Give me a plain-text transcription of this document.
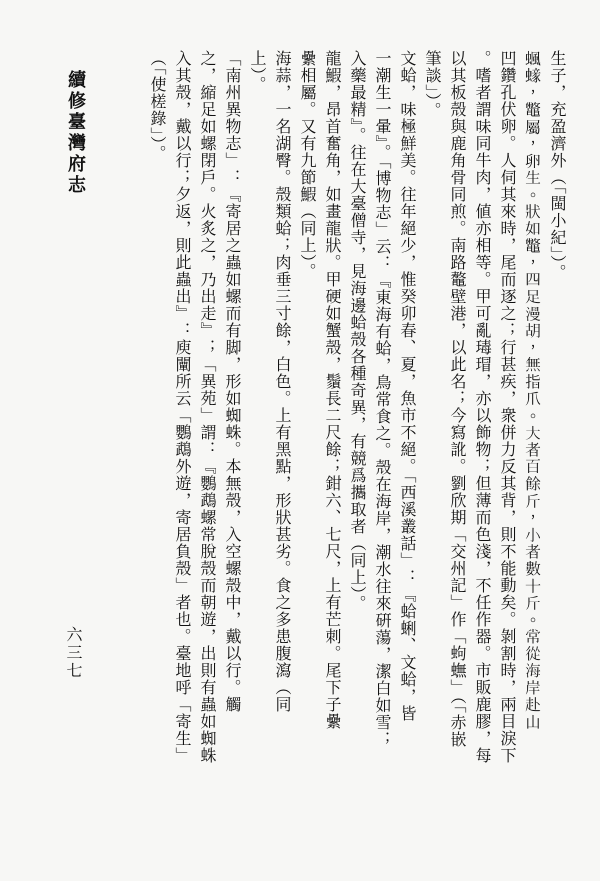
生子，充盈濟外（「閩小紀」）。
𧍯𧏹，鼈屬，卵生。狀如鼈，四足漫胡，無指爪。大者百餘斤，小者數十斤。常從海岸赴山
凹鑽孔伏卵。人伺其來時，尾而逐之；行甚疾，衆併力反其背，則不能動矣。剝割時，兩目淚下
。嗜者謂味同牛肉，値亦相等。甲可亂瑇瑁，亦以飾物；但薄而色淺，不任作器。市販鹿膠，每
以其板殼與鹿角骨同煎。南路鼇壁港，以此名；今寫訛。劉欣期「交州記」作「蚼蟱」（「赤嵌
筆談」）。
文蛤，味極鮮美。往年絕少，惟癸卯春、夏，魚市不絕。「西溪叢話」：『蛤蜊、文蛤，皆
一潮生一暈』。「博物志」云：『東海有蛤，鳥常食之。殼在海岸，潮水往來硏蕩，潔白如雪；
入藥最精』。往在大臺僧寺，見海邊蛤殼各種奇異，有競爲攜取者（同上）。
龍鰕，昂首奮角，如畫龍狀。甲硬如蟹殼，鬚長二尺餘；鉗六、七尺，上有芒刺。尾下子纍
纍相屬。又有九節鰕（同上）。
海蒜，一名湖臀。殼類蛤；肉垂三寸餘，白色。上有黑點，形狀甚劣。食之多患腹瀉（同
上）。
「南州異物志」：『寄居之蟲如螺而有脚，形如蜘蛛。本無殼，入空螺殼中，戴以行。觸
之，縮足如螺閉戶。火炙之，乃出走』；「異苑」謂：『鸚鵡螺常脫殼而朝遊，出則有蟲如蜘蛛
入其殼，戴以行；夕返，則此蟲出』：庾闡所云「鸚鵡外遊，寄居負殼」者也。臺地呼「寄生」
（「使槎錄」）。
續修臺灣府志
六三七
